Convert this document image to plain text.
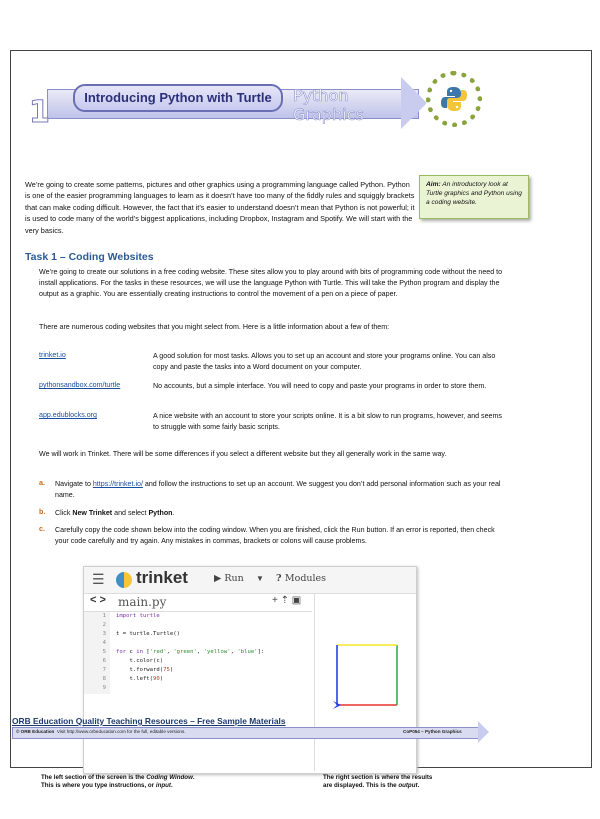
1	Introducing Python with Turtle	Python Graphics
We’re going to create some patterns, pictures and other graphics using a programming language called Python. Python is one of the easier programming languages to learn as it doesn’t have too many of the fiddly rules and squiggly brackets that can make coding difficult. However, the fact that it’s easier to understand doesn’t mean that Python is not powerful; it is used to code many of the world’s biggest applications, including Dropbox, Instagram and Spotify. We will start with the very basics.
Aim: An introductory look at Turtle graphics and Python using a coding website.
Task 1 – Coding Websites
We’re going to create our solutions in a free coding website. These sites allow you to play around with bits of programming code without the need to install applications. For the tasks in these resources, we will use the language Python with Turtle. This will take the Python program and display the output as a graphic. You are essentially creating instructions to control the movement of a pen on a piece of paper.
There are numerous coding websites that you might select from. Here is a little information about a few of them:
trinket.io	A good solution for most tasks. Allows you to set up an account and store your programs online. You can also copy and paste the tasks into a Word document on your computer.
pythonsandbox.com/turtle	No accounts, but a simple interface. You will need to copy and paste your programs in order to store them.
app.edublocks.org	A nice website with an account to store your scripts online. It is a bit slow to run programs, however, and seems to struggle with some fairly basic scripts.
We will work in Trinket. There will be some differences if you select a different website but they all generally work in the same way.
a. Navigate to https://trinket.io/ and follow the instructions to set up an account. We suggest you don’t add personal information such as your real name.
b. Click New Trinket and select Python.
c. Carefully copy the code shown below into the coding window. When you are finished, click the Run button. If an error is reported, then check your code carefully and try again. Any mistakes in commas, brackets or colons will cause problems.
☰ trinket	▶ Run ▼ ? Modules
< > main.py	+ ⇡ ▣
1
2
3
4
5
6
7
8
9
import turtle
t = turtle.Turtle()
for c in ['red', 'green', 'yellow', 'blue']:
t.color(c)
t.forward(75)
t.left(90)
The left section of the screen is the Coding Window.
This is where you type instructions, or input.
The right section is where the results
are displayed. This is the output.
ORB Education Quality Teaching Resources – Free Sample Materials
© ORB Education Visit http://www.orbeducation.com for the full, editable versions.	CoP054 – Python Graphics
